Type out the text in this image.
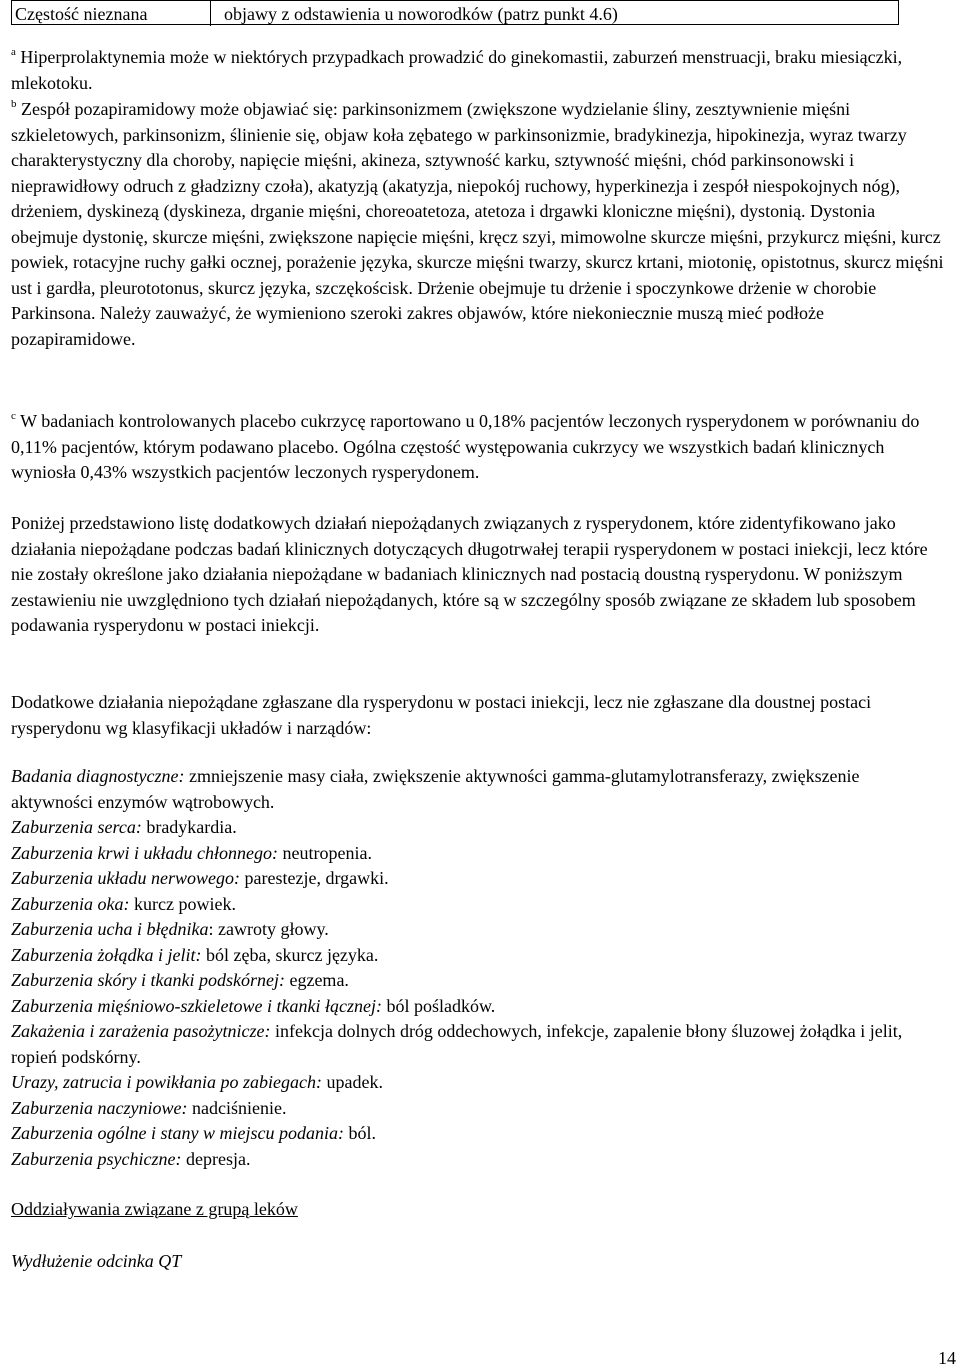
Częstość nieznana	objawy z odstawienia u noworodków (patrz punkt 4.6)

$^a$ Hiperprolaktynemia może w niektórych przypadkach prowadzić do ginekomastii, zaburzeń menstruacji, braku miesiączki, mlekotoku.

$^b$ Zespół pozapiramidowy może objawiać się: parkinsonizmem (zwiększone wydzielanie śliny, zesztywnienie mięśni szkieletowych, parkinsonizm, ślinienie się, objaw koła zębatego w parkinsonizmie, bradykinezja, hipokinezja, wyraz twarzy charakterystyczny dla choroby, napięcie mięśni, akineza, sztywność karku, sztywność mięśni, chód parkinsonowski i nieprawidłowy odruch z gładzizny czoła), akatyzją (akatyzja, niepokój ruchowy, hyperkinezja i zespół niespokojnych nóg), drżeniem, dyskinezą (dyskineza, drganie mięśni, choreoatetoza, atetoza i drgawki kloniczne mięśni), dystonią. Dystonia obejmuje dystonię, skurcze mięśni, zwiększone napięcie mięśni, kręcz szyi, mimowolne skurcze mięśni, przykurcz mięśni, kurcz powiek, rotacyjne ruchy gałki ocznej, porażenie języka, skurcze mięśni twarzy, skurcz krtani, miotonię, opistotnus, skurcz mięśni ust i gardła, pleurototonus, skurcz języka, szczękościsk. Drżenie obejmuje tu drżenie i spoczynkowe drżenie w chorobie Parkinsona. Należy zauważyć, że wymieniono szeroki zakres objawów, które niekoniecznie muszą mieć podłoże pozapiramidowe.

$^c$ W badaniach kontrolowanych placebo cukrzycę raportowano u 0,18% pacjentów leczonych rysperydonem w porównaniu do 0,11% pacjentów, którym podawano placebo. Ogólna częstość występowania cukrzycy we wszystkich badań klinicznych wyniosła 0,43% wszystkich pacjentów leczonych rysperydonem.

Poniżej przedstawiono listę dodatkowych działań niepożądanych związanych z rysperydonem, które zidentyfikowano jako działania niepożądane podczas badań klinicznych dotyczących długotrwałej terapii rysperydonem w postaci iniekcji, lecz które nie zostały określone jako działania niepożądane w badaniach klinicznych nad postacią doustną rysperydonu. W poniższym zestawieniu nie uwzględniono tych działań niepożądanych, które są w szczególny sposób związane ze składem lub sposobem podawania rysperydonu w postaci iniekcji.

Dodatkowe działania niepożądane zgłaszane dla rysperydonu w postaci iniekcji, lecz nie zgłaszane dla doustnej postaci rysperydonu wg klasyfikacji układów i narządów:

Badania diagnostyczne: zmniejszenie masy ciała, zwiększenie aktywności gamma-glutamylotransferazy, zwiększenie aktywności enzymów wątrobowych.

Zaburzenia serca: bradykardia.

Zaburzenia krwi i układu chłonnego: neutropenia.

Zaburzenia układu nerwowego: parestezje, drgawki.

Zaburzenia oka: kurcz powiek.

Zaburzenia ucha i błędnika: zawroty głowy.

Zaburzenia żołądka i jelit: ból zęba, skurcz języka.

Zaburzenia skóry i tkanki podskórnej: egzema.

Zaburzenia mięśniowo-szkieletowe i tkanki łącznej: ból pośladków.

Zakażenia i zarażenia pasożytnicze: infekcja dolnych dróg oddechowych, infekcje, zapalenie błony śluzowej żołądka i jelit, ropień podskórny.

Urazy, zatrucia i powikłania po zabiegach: upadek.

Zaburzenia naczyniowe: nadciśnienie.

Zaburzenia ogólne i stany w miejscu podania: ból.

Zaburzenia psychiczne: depresja.

Oddziaływania związane z grupą leków
Wydłużenie odcinka QT
14
